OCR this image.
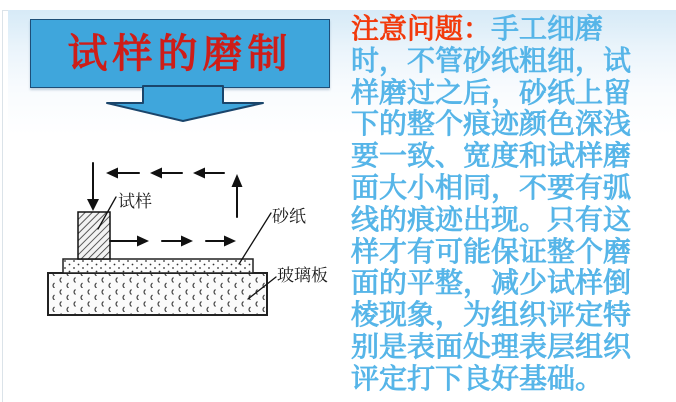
试样的磨制
试样
砂纸
玻璃板
注意问题：手工细磨
时，不管砂纸粗细，试
样磨过之后，砂纸上留
下的整个痕迹颜色深浅
要一致、宽度和试样磨
面大小相同，不要有弧
线的痕迹出现。只有这
样才有可能保证整个磨
面的平整，减少试样倒
棱现象，为组织评定特
别是表面处理表层组织
评定打下良好基础。
